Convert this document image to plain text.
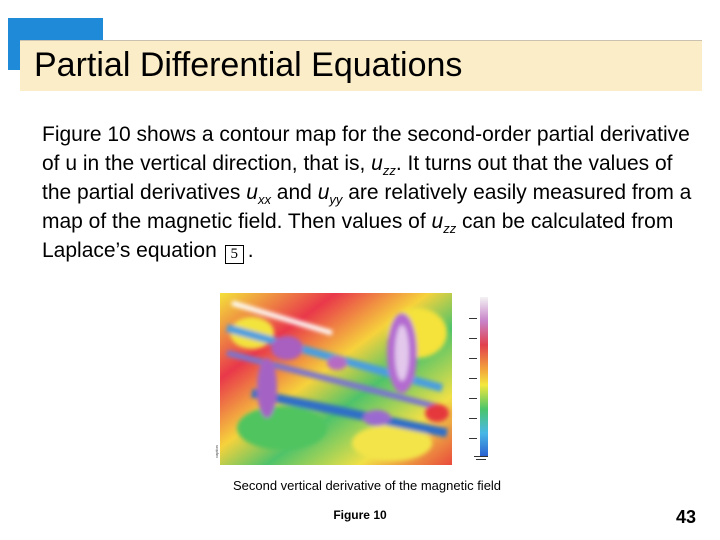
Partial Differential Equations

Figure 10 shows a contour map for the second-order partial derivative of u in the vertical direction, that is, $u_{zz}$. It turns out that the values of the partial derivatives $u_{xx}$ and $u_{yy}$ are relatively easily measured from a map of the magnetic field. Then values of $u_{zz}$ can be calculated from Laplace’s equation 5 .

caption

Second vertical derivative of the magnetic field

Figure 10	43
